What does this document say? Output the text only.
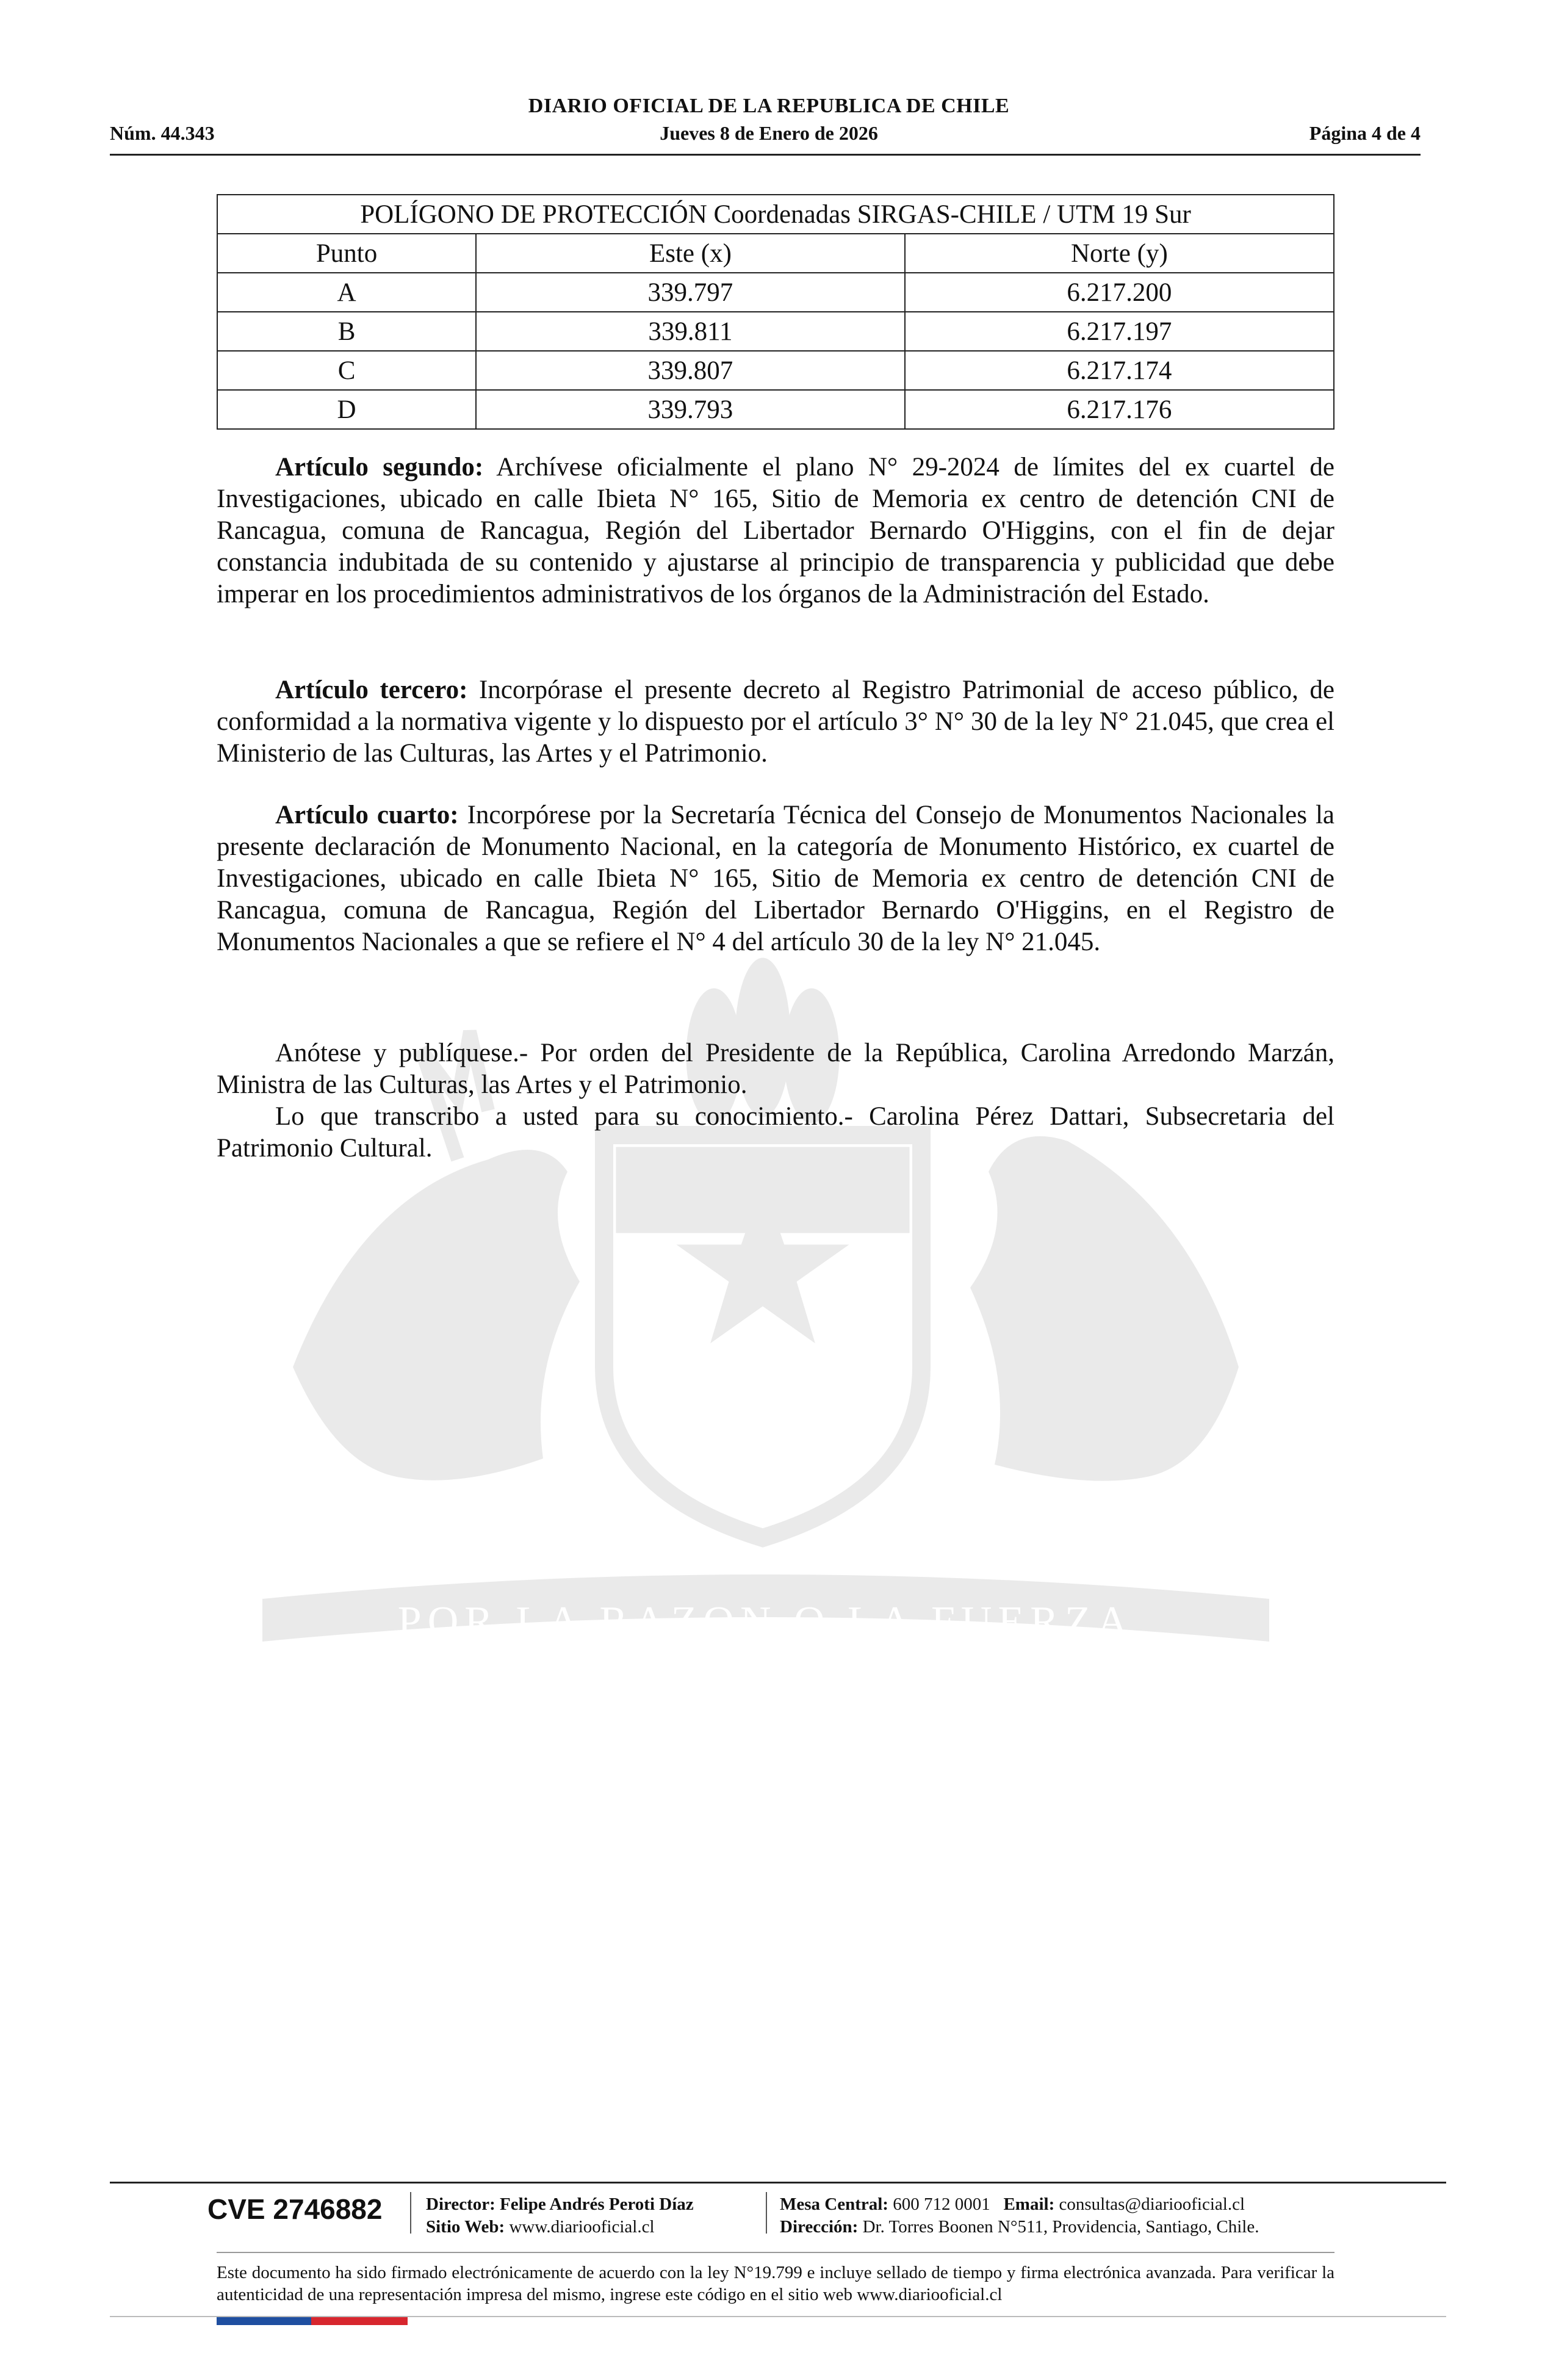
DIARIO OFICIAL DE LA REPUBLICA DE CHILE
Núm. 44.343	Jueves 8 de Enero de 2026	Página 4 de 4
POR LA RAZON O LA FUERZA
POLÍGONO DE PROTECCIÓN Coordenadas SIRGAS-CHILE / UTM 19 Sur		
Punto	Este (x)	Norte (y)
A	339.797	6.217.200
B	339.811	6.217.197
C	339.807	6.217.174
D	339.793	6.217.176

Artículo segundo: Archívese oficialmente el plano N° 29-2024 de límites del ex cuartel de Investigaciones, ubicado en calle Ibieta N° 165, Sitio de Memoria ex centro de detención CNI de Rancagua, comuna de Rancagua, Región del Libertador Bernardo O'Higgins, con el fin de dejar constancia indubitada de su contenido y ajustarse al principio de transparencia y publicidad que debe imperar en los procedimientos administrativos de los órganos de la Administración del Estado.

Artículo tercero: Incorpórase el presente decreto al Registro Patrimonial de acceso público, de conformidad a la normativa vigente y lo dispuesto por el artículo 3° N° 30 de la ley N° 21.045, que crea el Ministerio de las Culturas, las Artes y el Patrimonio.

Artículo cuarto: Incorpórese por la Secretaría Técnica del Consejo de Monumentos Nacionales la presente declaración de Monumento Nacional, en la categoría de Monumento Histórico, ex cuartel de Investigaciones, ubicado en calle Ibieta N° 165, Sitio de Memoria ex centro de detención CNI de Rancagua, comuna de Rancagua, Región del Libertador Bernardo O'Higgins, en el Registro de Monumentos Nacionales a que se refiere el N° 4 del artículo 30 de la ley N° 21.045.

Anótese y publíquese.- Por orden del Presidente de la República, Carolina Arredondo Marzán, Ministra de las Culturas, las Artes y el Patrimonio.

Lo que transcribo a usted para su conocimiento.- Carolina Pérez Dattari, Subsecretaria del Patrimonio Cultural.

CVE 2746882 Director: Felipe Andrés Peroti Díaz
Sitio Web: www.diariooficial.cl
Mesa Central: 600 712 0001 Email: consultas@diariooficial.cl
Dirección: Dr. Torres Boonen N°511, Providencia, Santiago, Chile.

Este documento ha sido firmado electrónicamente de acuerdo con la ley N°19.799 e incluye sellado de tiempo y firma electrónica avanzada. Para verificar la autenticidad de una representación impresa del mismo, ingrese este código en el sitio web www.diariooficial.cl
